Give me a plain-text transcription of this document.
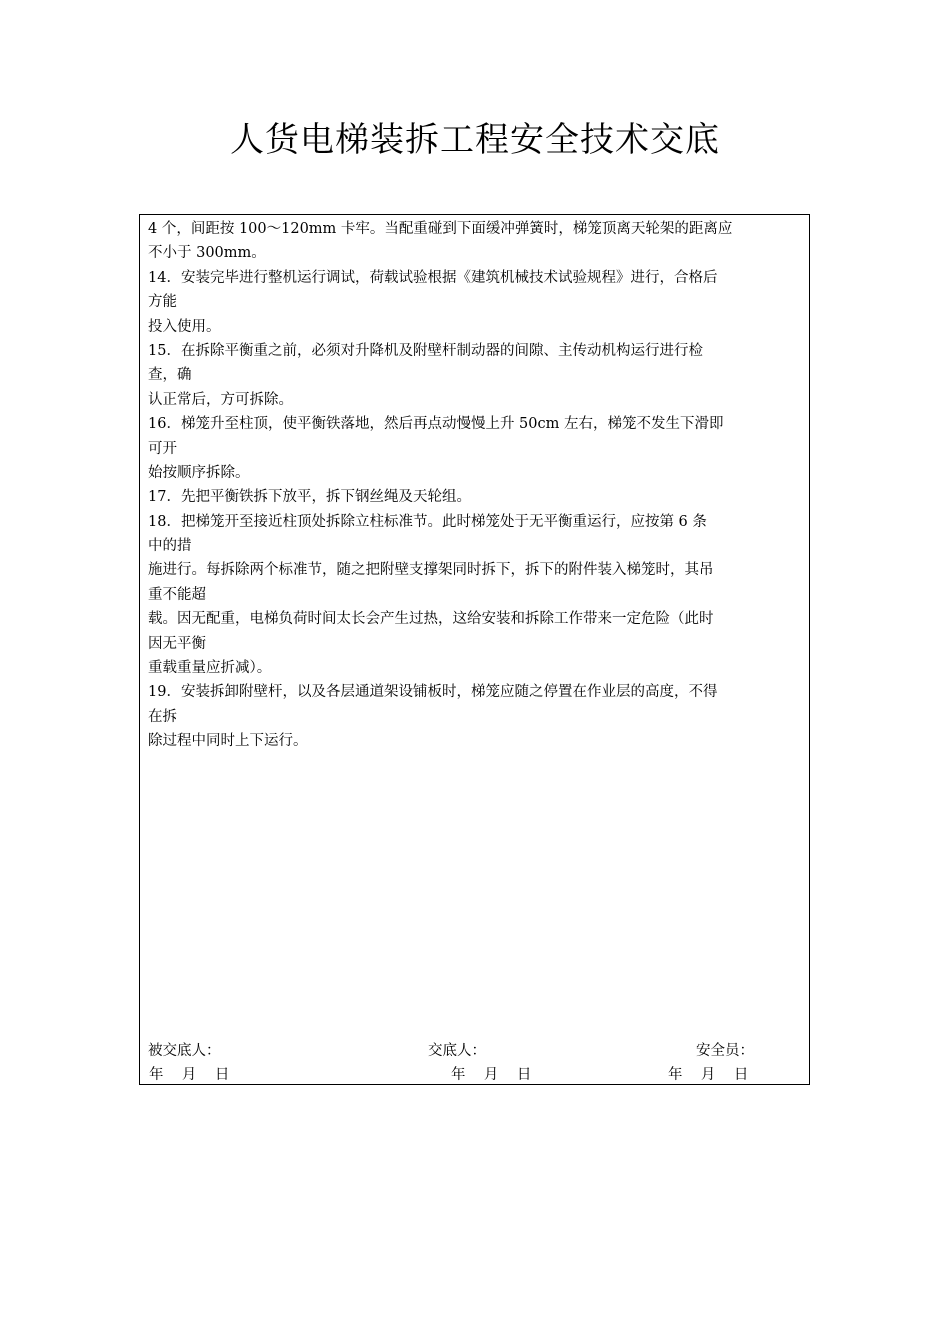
人货电梯装拆工程安全技术交底
4 个，间距按 100～120mm 卡牢。当配重碰到下面缓冲弹簧时，梯笼顶离天轮架的距离应
不小于 300mm。
14．安装完毕进行整机运行调试，荷载试验根据《建筑机械技术试验规程》进行，合格后
方能
投入使用。
15．在拆除平衡重之前，必须对升降机及附壁杆制动器的间隙、主传动机构运行进行检
查，确
认正常后，方可拆除。
16．梯笼升至柱顶，使平衡铁落地，然后再点动慢慢上升 50cm 左右，梯笼不发生下滑即
可开
始按顺序拆除。
17．先把平衡铁拆下放平，拆下钢丝绳及天轮组。
18．把梯笼开至接近柱顶处拆除立柱标准节。此时梯笼处于无平衡重运行，应按第 6 条
中的措
施进行。每拆除两个标准节，随之把附壁支撑架同时拆下，拆下的附件装入梯笼时，其吊
重不能超
载。因无配重，电梯负荷时间太长会产生过热，这给安装和拆除工作带来一定危险（此时
因无平衡
重载重量应折减）。
19．安装拆卸附壁杆，以及各层通道架设铺板时，梯笼应随之停置在作业层的高度，不得
在拆
除过程中同时上下运行。
被交底人：	交底人：	安全员：
年    月    日	年    月    日	年    月    日
